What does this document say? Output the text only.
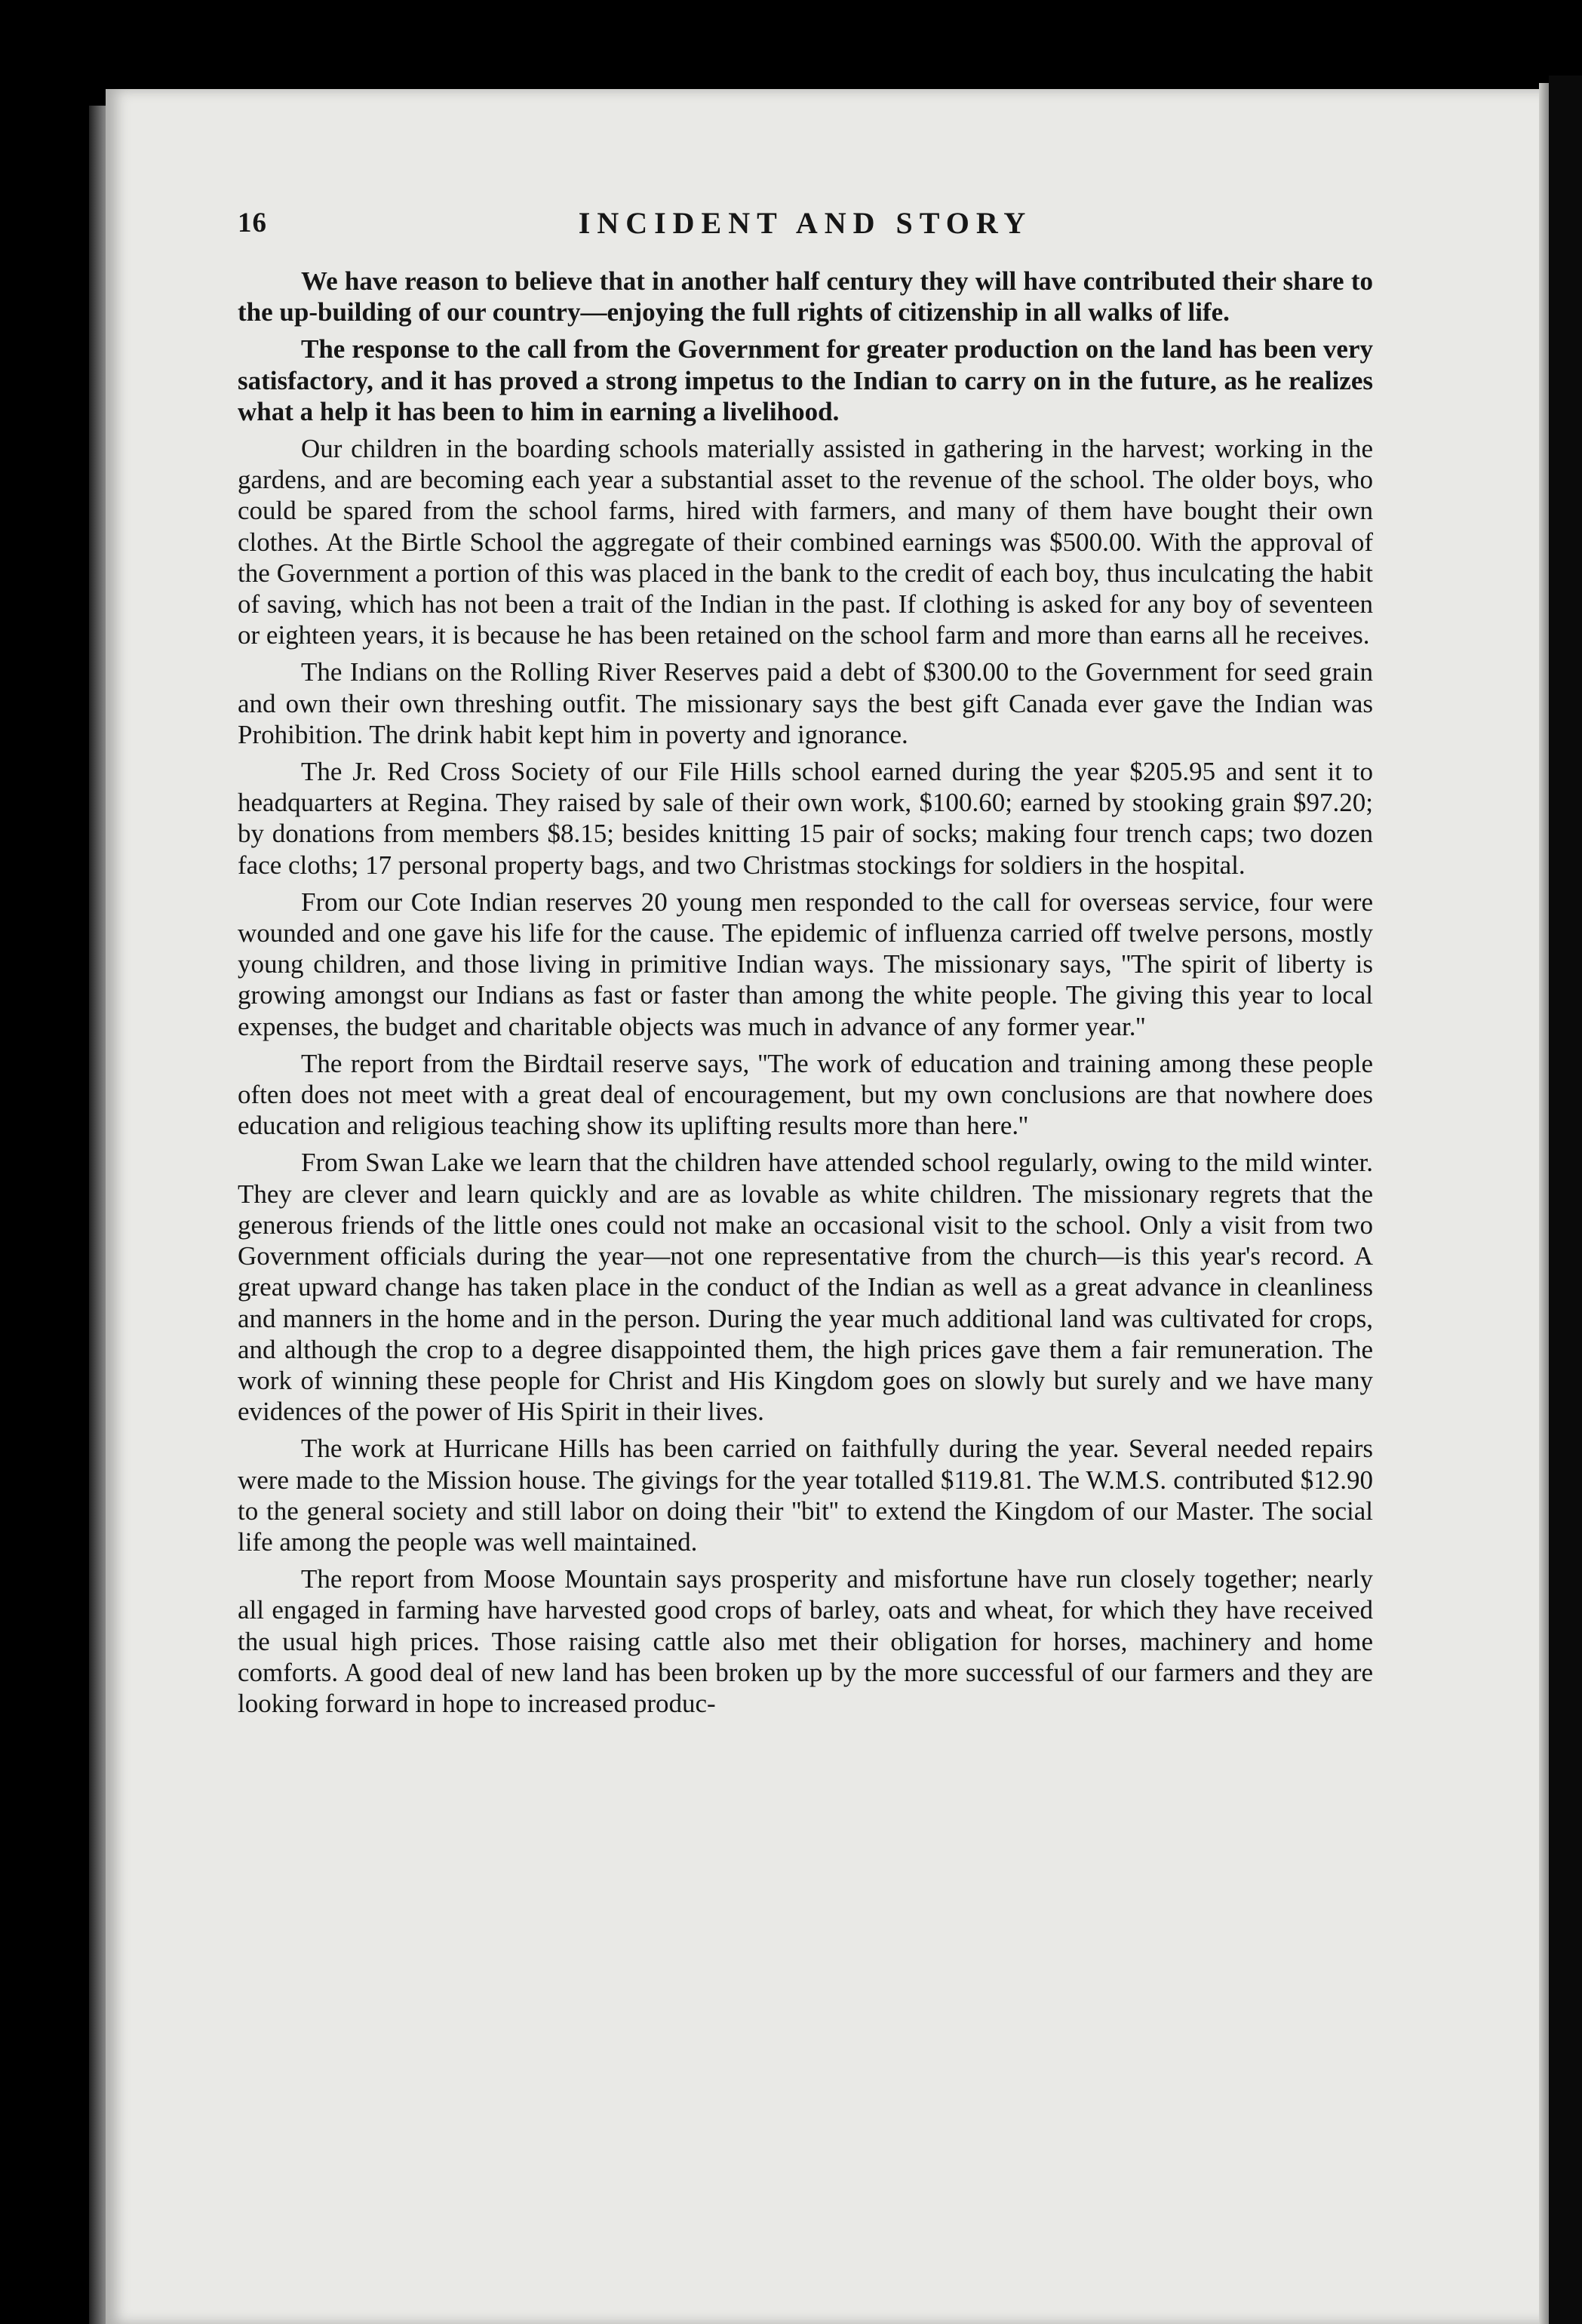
16	INCIDENT AND STORY

We have reason to believe that in another half century they will have contributed their share to the up-building of our country—enjoying the full rights of citizenship in all walks of life.

The response to the call from the Government for greater production on the land has been very satisfactory, and it has proved a strong impetus to the Indian to carry on in the future, as he realizes what a help it has been to him in earning a livelihood.

Our children in the boarding schools materially assisted in gathering in the harvest; working in the gardens, and are becoming each year a substantial asset to the revenue of the school. The older boys, who could be spared from the school farms, hired with farmers, and many of them have bought their own clothes. At the Birtle School the aggregate of their combined earnings was $500.00. With the approval of the Government a portion of this was placed in the bank to the credit of each boy, thus inculcating the habit of saving, which has not been a trait of the Indian in the past. If clothing is asked for any boy of seventeen or eighteen years, it is because he has been retained on the school farm and more than earns all he receives.

The Indians on the Rolling River Reserves paid a debt of $300.00 to the Government for seed grain and own their own threshing outfit. The missionary says the best gift Canada ever gave the Indian was Prohibition. The drink habit kept him in poverty and ignorance.

The Jr. Red Cross Society of our File Hills school earned during the year $205.95 and sent it to headquarters at Regina. They raised by sale of their own work, $100.60; earned by stooking grain $97.20; by donations from members $8.15; besides knitting 15 pair of socks; making four trench caps; two dozen face cloths; 17 personal property bags, and two Christmas stockings for soldiers in the hospital.

From our Cote Indian reserves 20 young men responded to the call for overseas service, four were wounded and one gave his life for the cause. The epidemic of influenza carried off twelve persons, mostly young children, and those living in primitive Indian ways. The missionary says, ''The spirit of liberty is growing amongst our Indians as fast or faster than among the white people. The giving this year to local expenses, the budget and charitable objects was much in advance of any former year.''

The report from the Birdtail reserve says, ''The work of education and training among these people often does not meet with a great deal of encouragement, but my own conclusions are that nowhere does education and religious teaching show its uplifting results more than here.''

From Swan Lake we learn that the children have attended school regularly, owing to the mild winter. They are clever and learn quickly and are as lovable as white children. The missionary regrets that the generous friends of the little ones could not make an occasional visit to the school. Only a visit from two Government officials during the year—not one representative from the church—is this year's record. A great upward change has taken place in the conduct of the Indian as well as a great advance in cleanliness and manners in the home and in the person. During the year much additional land was cultivated for crops, and although the crop to a degree disappointed them, the high prices gave them a fair remuneration. The work of winning these people for Christ and His Kingdom goes on slowly but surely and we have many evidences of the power of His Spirit in their lives.

The work at Hurricane Hills has been carried on faithfully during the year. Several needed repairs were made to the Mission house. The givings for the year totalled $119.81. The W.M.S. contributed $12.90 to the general society and still labor on doing their ''bit'' to extend the Kingdom of our Master. The social life among the people was well maintained.

The report from Moose Mountain says prosperity and misfortune have run closely together; nearly all engaged in farming have harvested good crops of barley, oats and wheat, for which they have received the usual high prices. Those raising cattle also met their obligation for horses, machinery and home comforts. A good deal of new land has been broken up by the more successful of our farmers and they are looking forward in hope to increased produc-
